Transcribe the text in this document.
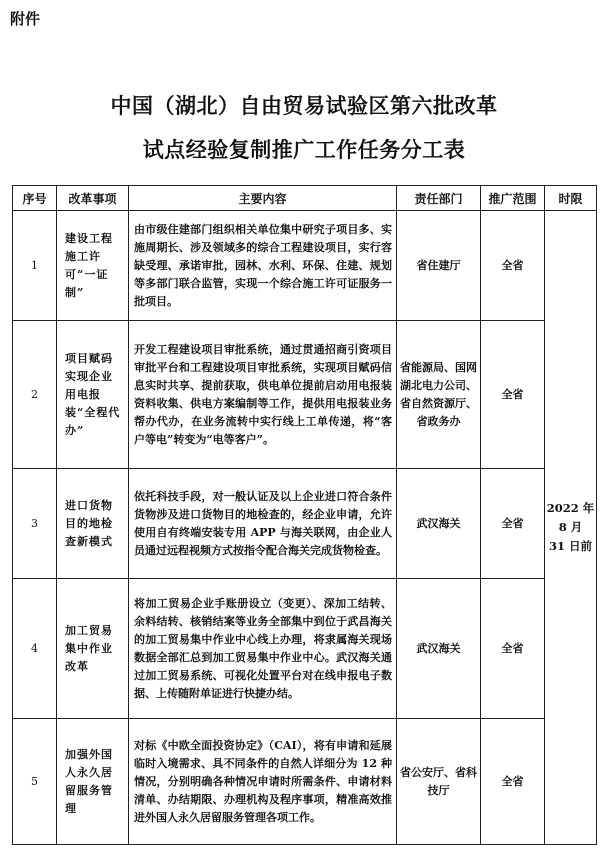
附件
中国（湖北）自由贸易试验区第六批改革
试点经验复制推广工作任务分工表
序号	改革事项	主要内容	责任部门	推广范围	时限
1	建设工程施工许可“一证制”	由市级住建部门组织相关单位集中研究子项目多、实施周期长、涉及领域多的综合工程建设项目，实行容缺受理、承诺审批，园林、水利、环保、住建、规划等多部门联合监管，实现一个综合施工许可证服务一批项目。	省住建厅	全省	2022 年
8 月
31 日前

2	项目赋码实现企业用电报装“全程代办”	开发工程建设项目审批系统，通过贯通招商引资项目审批平台和工程建设项目审批系统，实现项目赋码信息实时共享、提前获取，供电单位提前启动用电报装资料收集、供电方案编制等工作，提供用电报装业务帮办代办，在业务流转中实行线上工单传递，将“客户等电”转变为“电等客户”。	省能源局、国网湖北电力公司、省自然资源厅、省政务办	全省	
3	进口货物目的地检查新模式	依托科技手段，对一般认证及以上企业进口符合条件货物涉及进口货物目的地检查的，经企业申请，允许使用自有终端安装专用 APP 与海关联网，由企业人员通过远程视频方式按指令配合海关完成货物检查。	武汉海关	全省	
4	加工贸易集中作业改革	将加工贸易企业手账册设立（变更）、深加工结转、余料结转、核销结案等业务全部集中到位于武昌海关的加工贸易集中作业中心线上办理，将隶属海关现场数据全部汇总到加工贸易集中作业中心。武汉海关通过加工贸易系统、可视化处置平台对在线申报电子数据、上传随附单证进行快捷办结。	武汉海关	全省	
5	加强外国人永久居留服务管理	对标《中欧全面投资协定》（CAI），将有申请和延展临时入境需求、具不同条件的自然人详细分为 12 种情况，分别明确各种情况申请时所需条件、申请材料清单、办结期限、办理机构及程序事项，精准高效推进外国人永久居留服务管理各项工作。	省公安厅、省科技厅	全省	
